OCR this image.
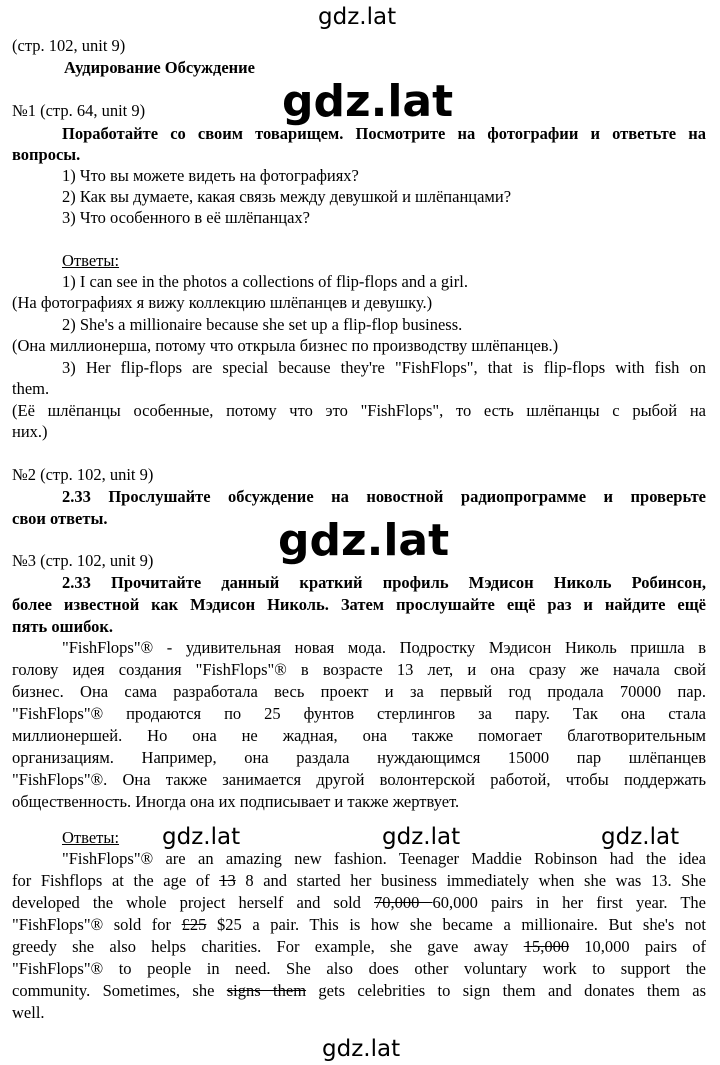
gdz.lat
gdz.lat
gdz.lat
gdz.lat	gdz.lat	gdz.lat
gdz.lat
(стр. 102, unit 9)
Аудирование Обсуждение
№1 (стр. 64, unit 9)
Поработайте со своим товарищем. Посмотрите на фотографии и ответьте на
вопросы.
1) Что вы можете видеть на фотографиях?
2) Как вы думаете, какая связь между девушкой и шлёпанцами?
3) Что особенного в её шлёпанцах?
Ответы:
1) I can see in the photos a collections of flip-flops and a girl.
(На фотографиях я вижу коллекцию шлёпанцев и девушку.)
2) She's a millionaire because she set up a flip-flop business.
(Она миллионерша, потому что открыла бизнес по производству шлёпанцев.)
3) Her flip-flops are special because they're "FishFlops", that is flip-flops with fish on
them.
(Её шлёпанцы особенные, потому что это "FishFlops", то есть шлёпанцы с рыбой на
них.)
№2 (стр. 102, unit 9)
2.33 Прослушайте обсуждение на новостной радиопрограмме и проверьте
свои ответы.
№3 (стр. 102, unit 9)
2.33 Прочитайте данный краткий профиль Мэдисон Николь Робинсон,
более известной как Мэдисон Николь. Затем прослушайте ещё раз и найдите ещё
пять ошибок.
"FishFlops"® - удивительная новая мода. Подростку Мэдисон Николь пришла в
голову идея создания "FishFlops"® в возрасте 13 лет, и она сразу же начала свой
бизнес. Она сама разработала весь проект и за первый год продала 70000 пар.
"FishFlops"® продаются по 25 фунтов стерлингов за пару. Так она стала
миллионершей. Но она не жадная, она также помогает благотворительным
организациям. Например, она раздала нуждающимся 15000 пар шлёпанцев
"FishFlops"®. Она также занимается другой волонтерской работой, чтобы поддержать
общественность. Иногда она их подписывает и также жертвует.
Ответы:
"FishFlops"® are an amazing new fashion. Teenager Maddie Robinson had the idea
for Fishflops at the age of 13 8 and started her business immediately when she was 13. She
developed the whole project herself and sold 70,000 60,000 pairs in her first year. The
"FishFlops"® sold for £25 $25 a pair. This is how she became a millionaire. But she's not
greedy she also helps charities. For example, she gave away 15,000 10,000 pairs of
"FishFlops"® to people in need. She also does other voluntary work to support the
community. Sometimes, she signs them gets celebrities to sign them and donates them as
well.
